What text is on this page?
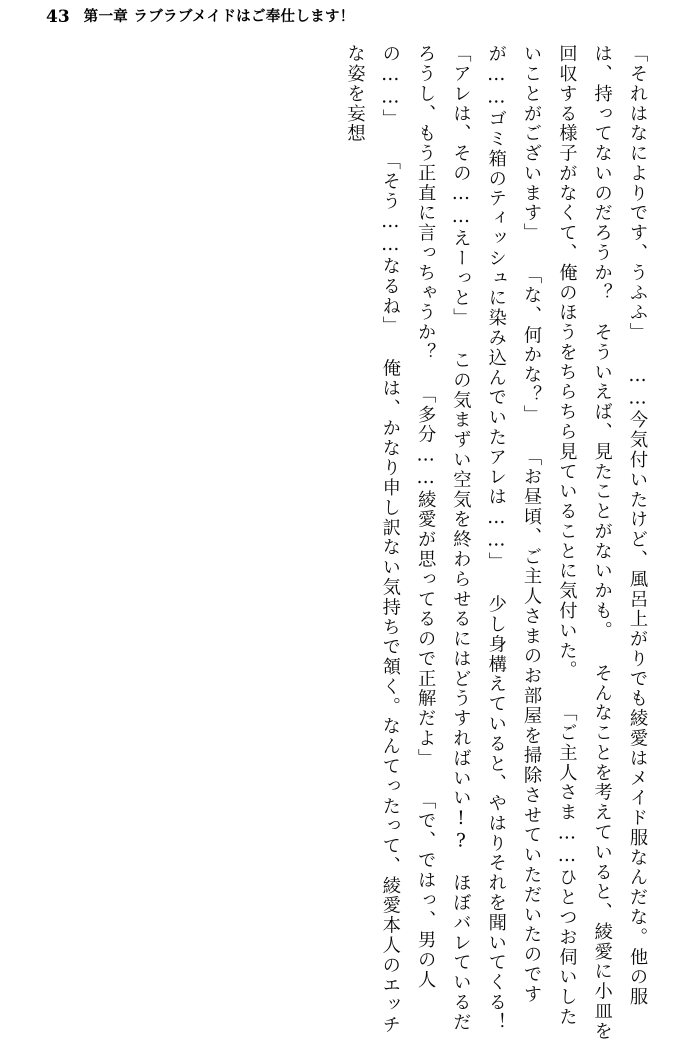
43 第一章 ラブラブメイドはご奉仕します！
「それはなによりです、うふふ」 ……今気付いたけど、風呂上がりでも綾愛はメイド服なんだな。他の服は、持ってないのだろうか？　そういえば、見たことがないかも。 そんなことを考えていると、綾愛に小皿を回収する様子がなくて、俺のほうをちらちら見ていることに気付いた。 「ご主人さま……ひとつお伺いしたいことがございます」 「な、何かな？」 「お昼頃、ご主人さまのお部屋を掃除させていただいたのですが……ゴミ箱のティッシュに染み込んでいたアレは……」 少し身構えていると、やはりそれを聞いてくる！ 「アレは、その……えーっと」 この気まずい空気を終わらせるにはどうすればいい!?　ほぼバレているだろうし、もう正直に言っちゃうか？ 「多分……綾愛が思ってるので正解だよ」 「で、ではっ、男の人の……」 「そう……なるね」 俺は、かなり申し訳ない気持ちで頷く。なんてったって、綾愛本人のエッチな姿を妄想
